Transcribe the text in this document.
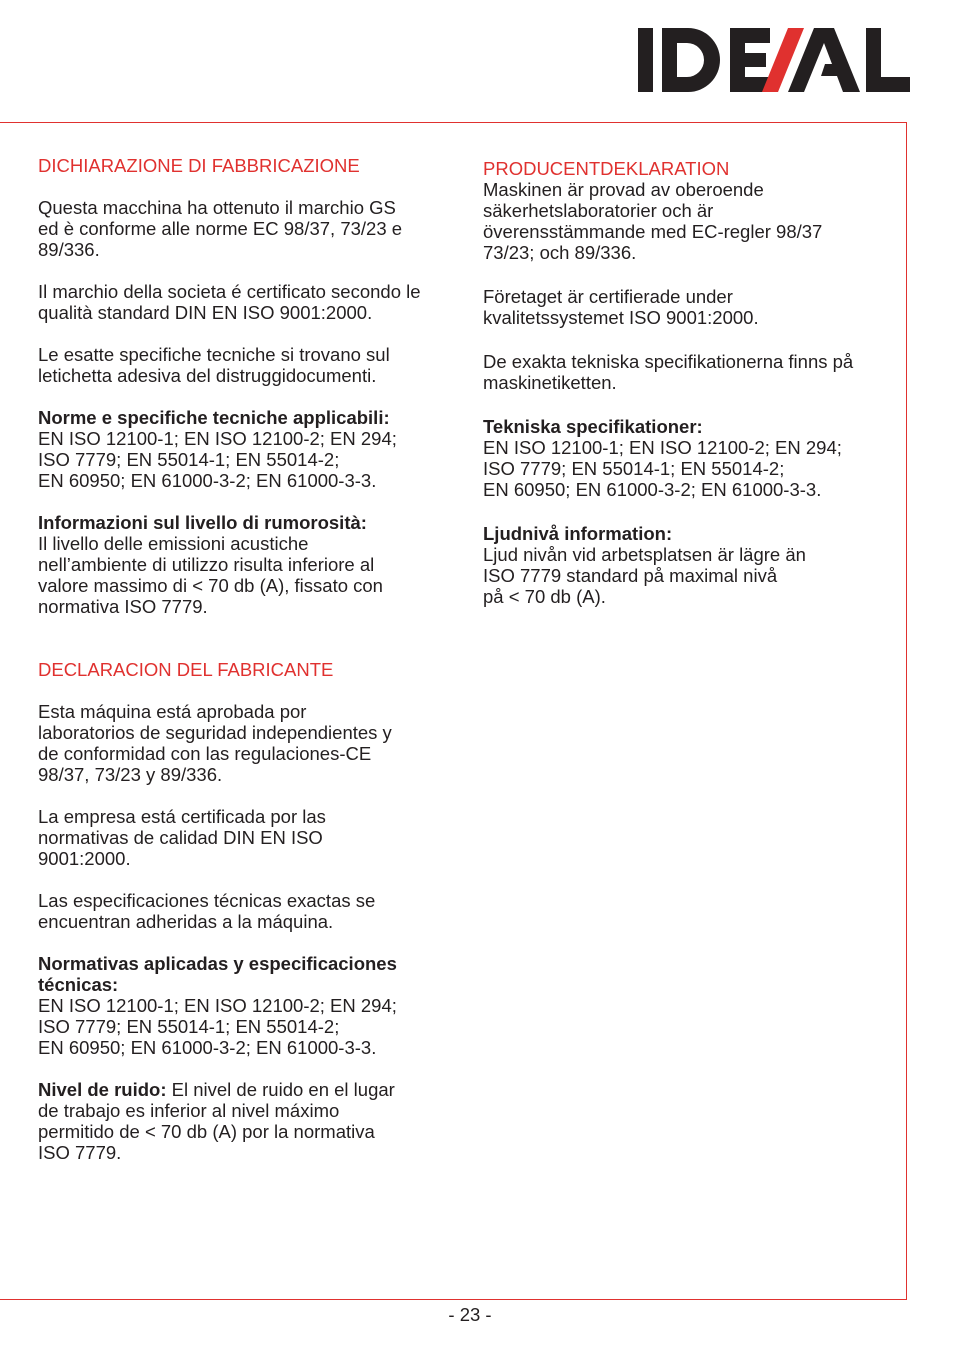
DICHIARAZIONE DI FABBRICAZIONE

Questa macchina ha ottenuto il marchio GS
ed è conforme alle norme EC 98/37, 73/23 e
89/336.

Il marchio della societa é certificato secondo le
qualità standard DIN EN ISO 9001:2000.

Le esatte specifiche tecniche si trovano sul
letichetta adesiva del distruggidocumenti.

Norme e specifiche tecniche applicabili:

EN ISO 12100-1; EN ISO 12100-2; EN 294;
ISO 7779; EN 55014-1; EN 55014-2;
EN 60950; EN 61000-3-2; EN 61000-3-3.

Informazioni sul livello di rumorosità:

Il livello delle emissioni acustiche
nell’ambiente di utilizzo risulta inferiore al
valore massimo di < 70 db (A), fissato con
normativa ISO 7779.

DECLARACION DEL FABRICANTE

Esta máquina está aprobada por
laboratorios de seguridad independientes y
de conformidad con las regulaciones-CE
98/37, 73/23 y 89/336.

La empresa está certificada por las
normativas de calidad DIN EN ISO
9001:2000.

Las especificaciones técnicas exactas se
encuentran adheridas a la máquina.

Normativas aplicadas y especificaciones
técnicas:

EN ISO 12100-1; EN ISO 12100-2; EN 294;
ISO 7779; EN 55014-1; EN 55014-2;
EN 60950; EN 61000-3-2; EN 61000-3-3.

Nivel de ruido: El nivel de ruido en el lugar
de trabajo es inferior al nivel máximo
permitido de < 70 db (A) por la normativa
ISO 7779.

PRODUCENTDEKLARATION

Maskinen är provad av oberoende
säkerhetslaboratorier och är
överensstämmande med EC-regler 98/37
73/23; och 89/336.

Företaget är certifierade under
kvalitetssystemet ISO 9001:2000.

De exakta tekniska specifikationerna finns på
maskinetiketten.

Tekniska specifikationer:

EN ISO 12100-1; EN ISO 12100-2; EN 294;
ISO 7779; EN 55014-1; EN 55014-2;
EN 60950; EN 61000-3-2; EN 61000-3-3.

Ljudnivå information:

Ljud nivån vid arbetsplatsen är lägre än
ISO 7779 standard på maximal nivå
på < 70 db (A).

- 23 -
